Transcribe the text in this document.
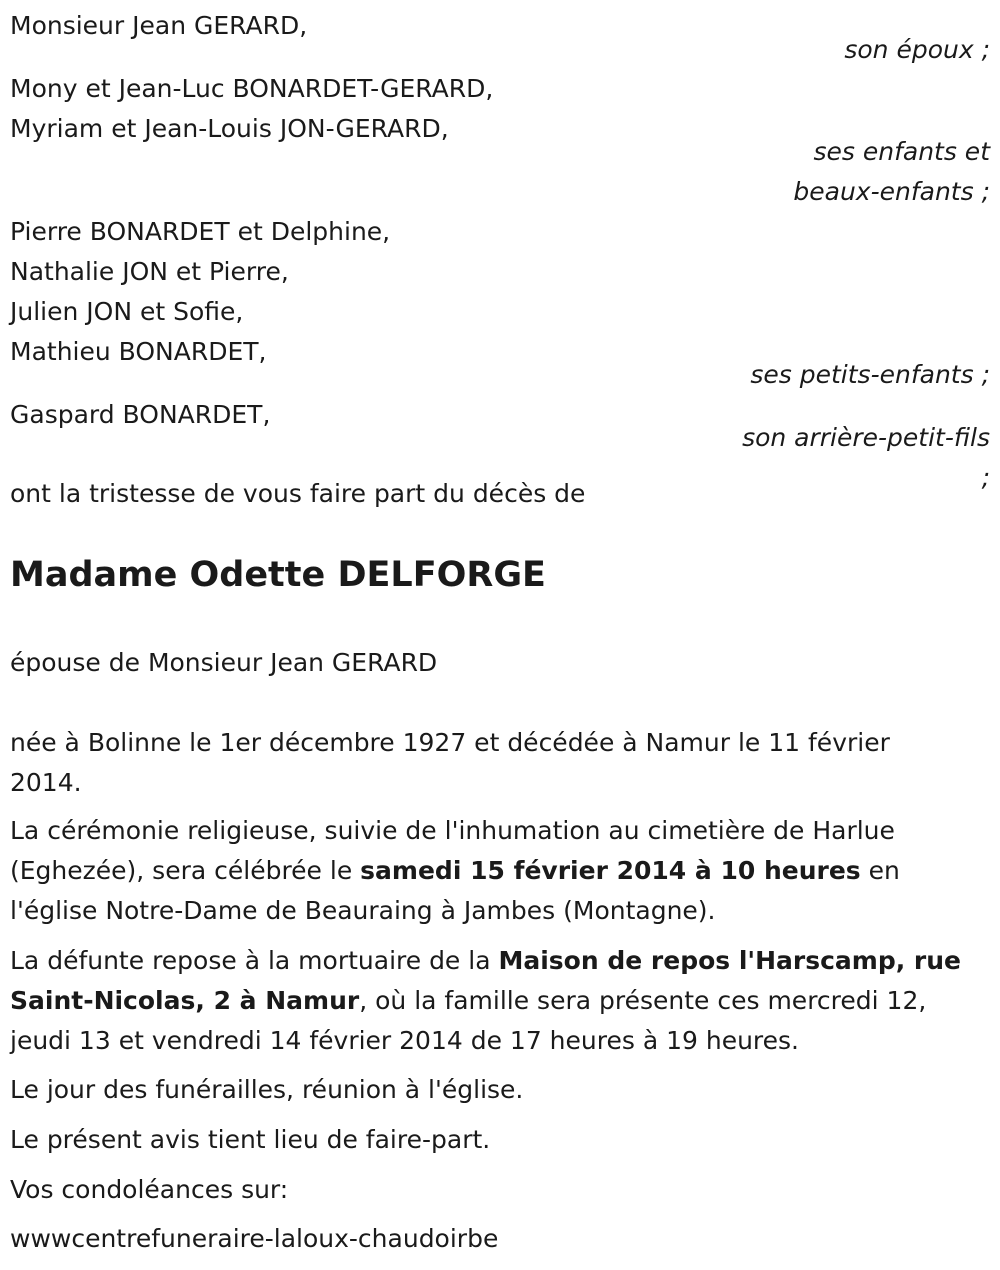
Monsieur Jean GERARD,
son époux ;
Mony et Jean-Luc BONARDET-GERARD,
Myriam et Jean-Louis JON-GERARD,
ses enfants et
beaux-enfants ;
Pierre BONARDET et Delphine,
Nathalie JON et Pierre,
Julien JON et Sofie,
Mathieu BONARDET,
ses petits-enfants ;
Gaspard BONARDET,
son arrière-petit-fils
;
ont la tristesse de vous faire part du décès de
Madame Odette DELFORGE
épouse de Monsieur Jean GERARD
née à Bolinne le 1er décembre 1927 et décédée à Namur le 11 février
2014.
La cérémonie religieuse, suivie de l'inhumation au cimetière de Harlue
(Eghezée), sera célébrée le samedi 15 février 2014 à 10 heures en
l'église Notre-Dame de Beauraing à Jambes (Montagne).
La défunte repose à la mortuaire de la Maison de repos l'Harscamp, rue
Saint-Nicolas, 2 à Namur, où la famille sera présente ces mercredi 12,
jeudi 13 et vendredi 14 février 2014 de 17 heures à 19 heures.
Le jour des funérailles, réunion à l'église.
Le présent avis tient lieu de faire-part.
Vos condoléances sur:
wwwcentrefuneraire-laloux-chaudoirbe
